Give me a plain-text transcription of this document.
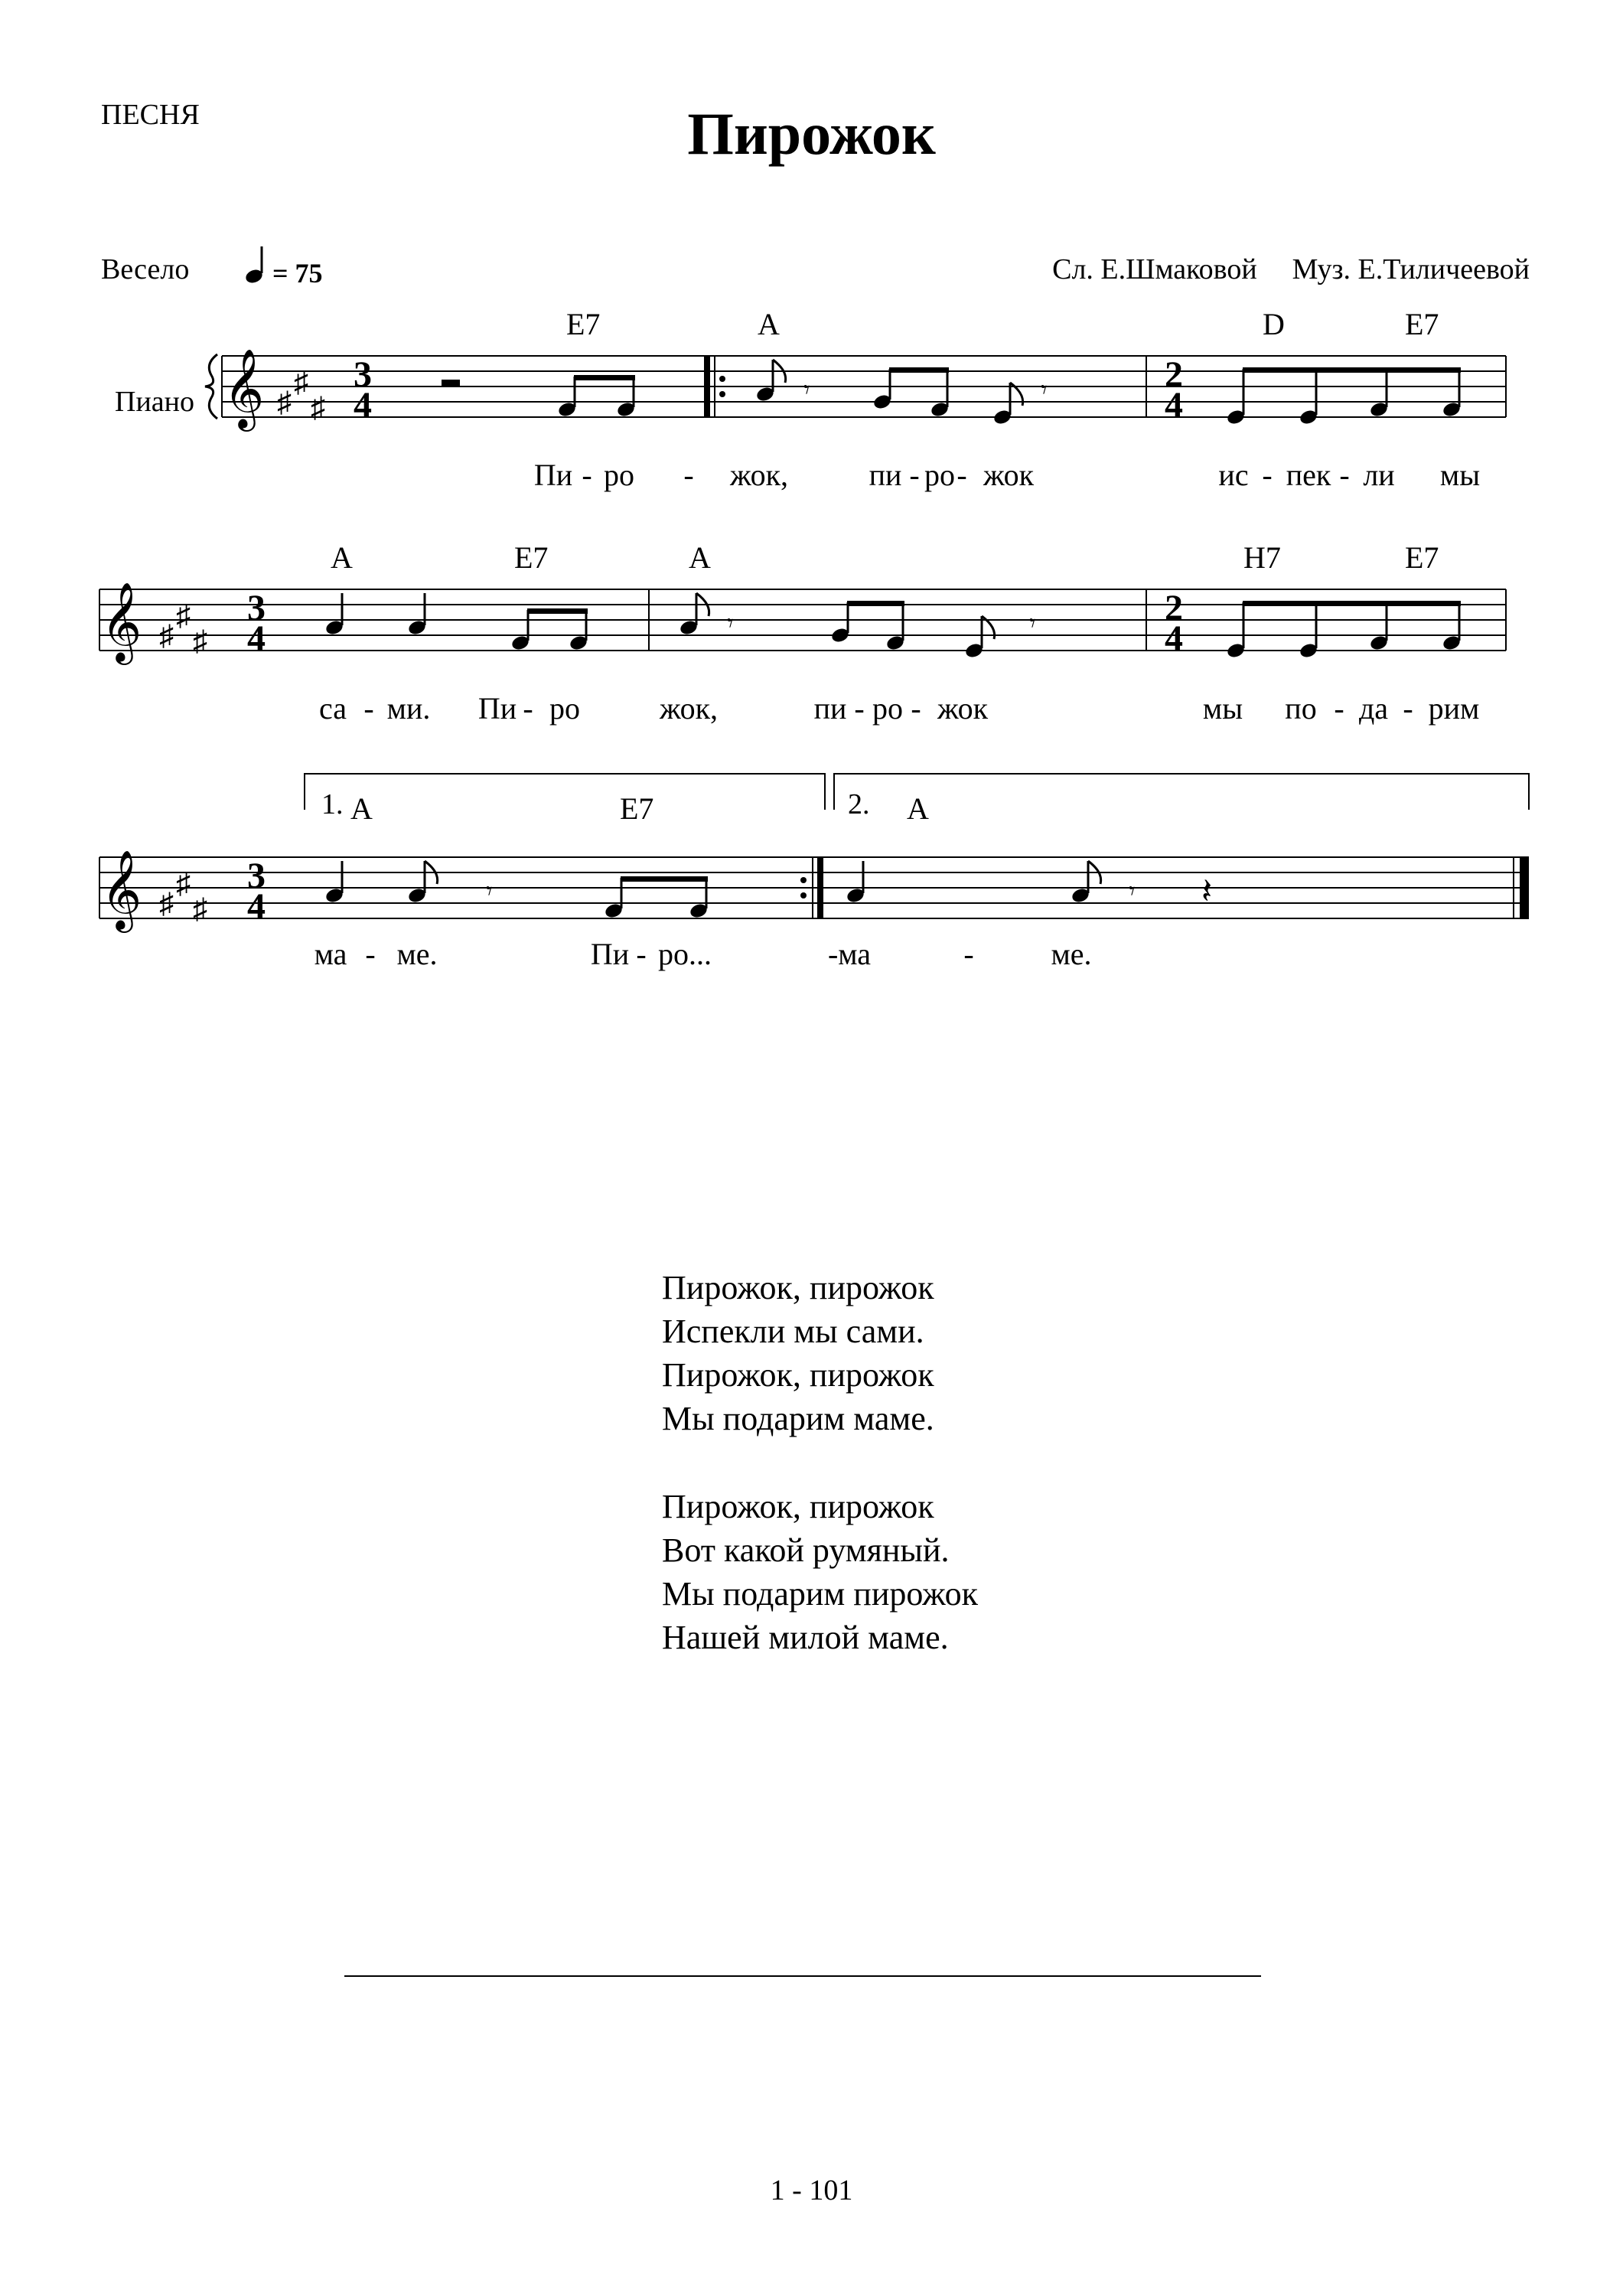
ПЕСНЯ	Пирожок
Весело	= 75	Сл. Е.Шмаковой Муз. Е.Тиличеевой
Пиано 𝄞 ♯
♯
♯
3
4	𝄾	𝄾	2
4
E7	A	D	E7
Пи - ро - жок,	пи - ро - жок	ис - пек - ли мы
𝄞 ♯
♯
♯
3
4	𝄾	𝄾	2
4
A	E7	A	H7	E7
са - ми. Пи - ро	жок,	пи - ро - жок	мы по - да - рим
1.	2.
𝄞 ♯
♯
♯
3
4	𝄾	𝄾 𝄽
A	E7	A
ма - ме.	Пи - ро...	-ма	-	ме.
Пирожок, пирожок
Испекли мы сами.
Пирожок, пирожок
Мы подарим маме.
Пирожок, пирожок
Вот какой румяный.
Мы подарим пирожок
Нашей милой маме.
1 - 101
